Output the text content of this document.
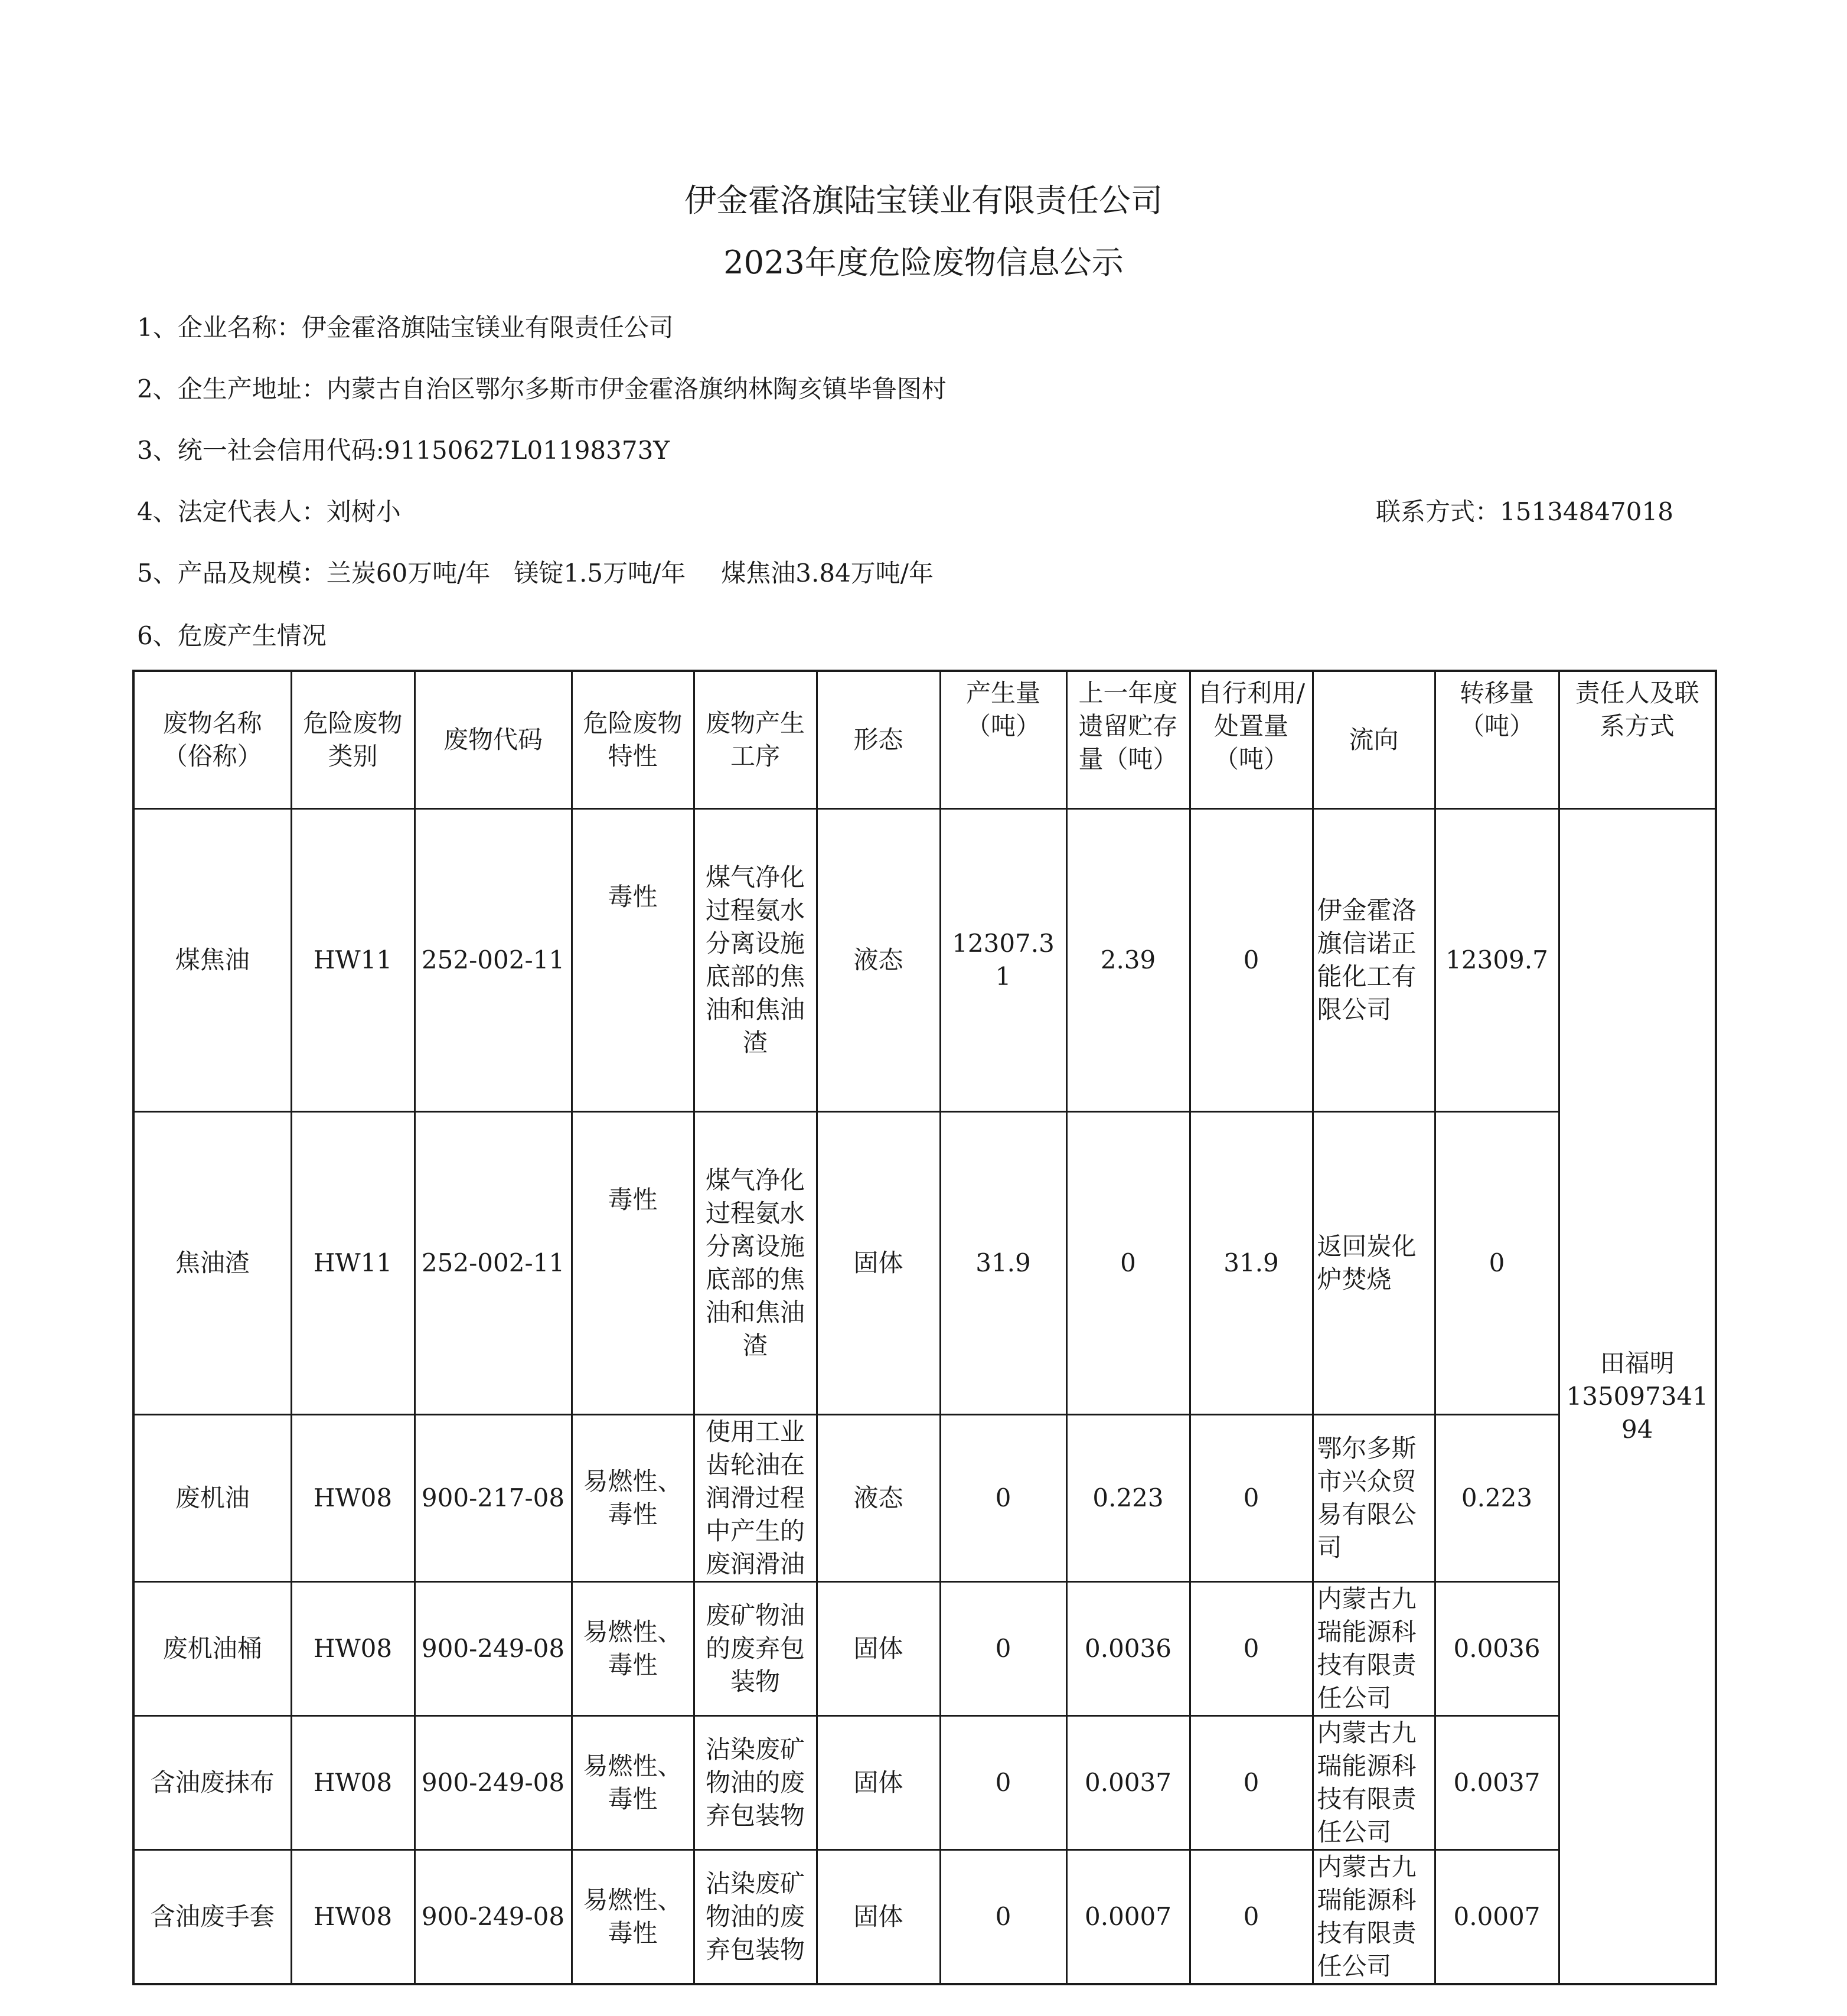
伊金霍洛旗陆宝镁业有限责任公司
2023年度危险废物信息公示
1、企业名称：伊金霍洛旗陆宝镁业有限责任公司
2、企生产地址：内蒙古自治区鄂尔多斯市伊金霍洛旗纳林陶亥镇毕鲁图村
3、统一社会信用代码:91150627L01198373Y
4、法定代表人：刘树小	联系方式：15134847018
5、产品及规模：兰炭60万吨/年 镁锭1.5万吨/年 煤焦油3.84万吨/年
6、危废产生情况
废物名称（俗称）	危险废物类别	废物代码	危险废物特性	废物产生工序	形态	产生量（吨）	上一年度遗留贮存量（吨）	自行利用/处置量（吨）	流向	转移量（吨）	责任人及联系方式
煤焦油	HW11	252-002-11	毒性	煤气净化过程氨水分离设施底部的焦油和焦油渣	液态	12307.31	2.39	0	伊金霍洛旗信诺正能化工有限公司	12309.7	田福明
13509734194

焦油渣	HW11	252-002-11	毒性	煤气净化过程氨水分离设施底部的焦油和焦油渣	固体	31.9	0	31.9	返回炭化炉焚烧	0	
废机油	HW08	900-217-08	易燃性、毒性	使用工业齿轮油在润滑过程中产生的废润滑油	液态	0	0.223	0	鄂尔多斯市兴众贸易有限公司	0.223	
废机油桶	HW08	900-249-08	易燃性、毒性	废矿物油的废弃包装物	固体	0	0.0036	0	内蒙古九瑞能源科技有限责任公司	0.0036	
含油废抹布	HW08	900-249-08	易燃性、毒性	沾染废矿物油的废弃包装物	固体	0	0.0037	0	内蒙古九瑞能源科技有限责任公司	0.0037	
含油废手套	HW08	900-249-08	易燃性、毒性	沾染废矿物油的废弃包装物	固体	0	0.0007	0	内蒙古九瑞能源科技有限责任公司	0.0007	
